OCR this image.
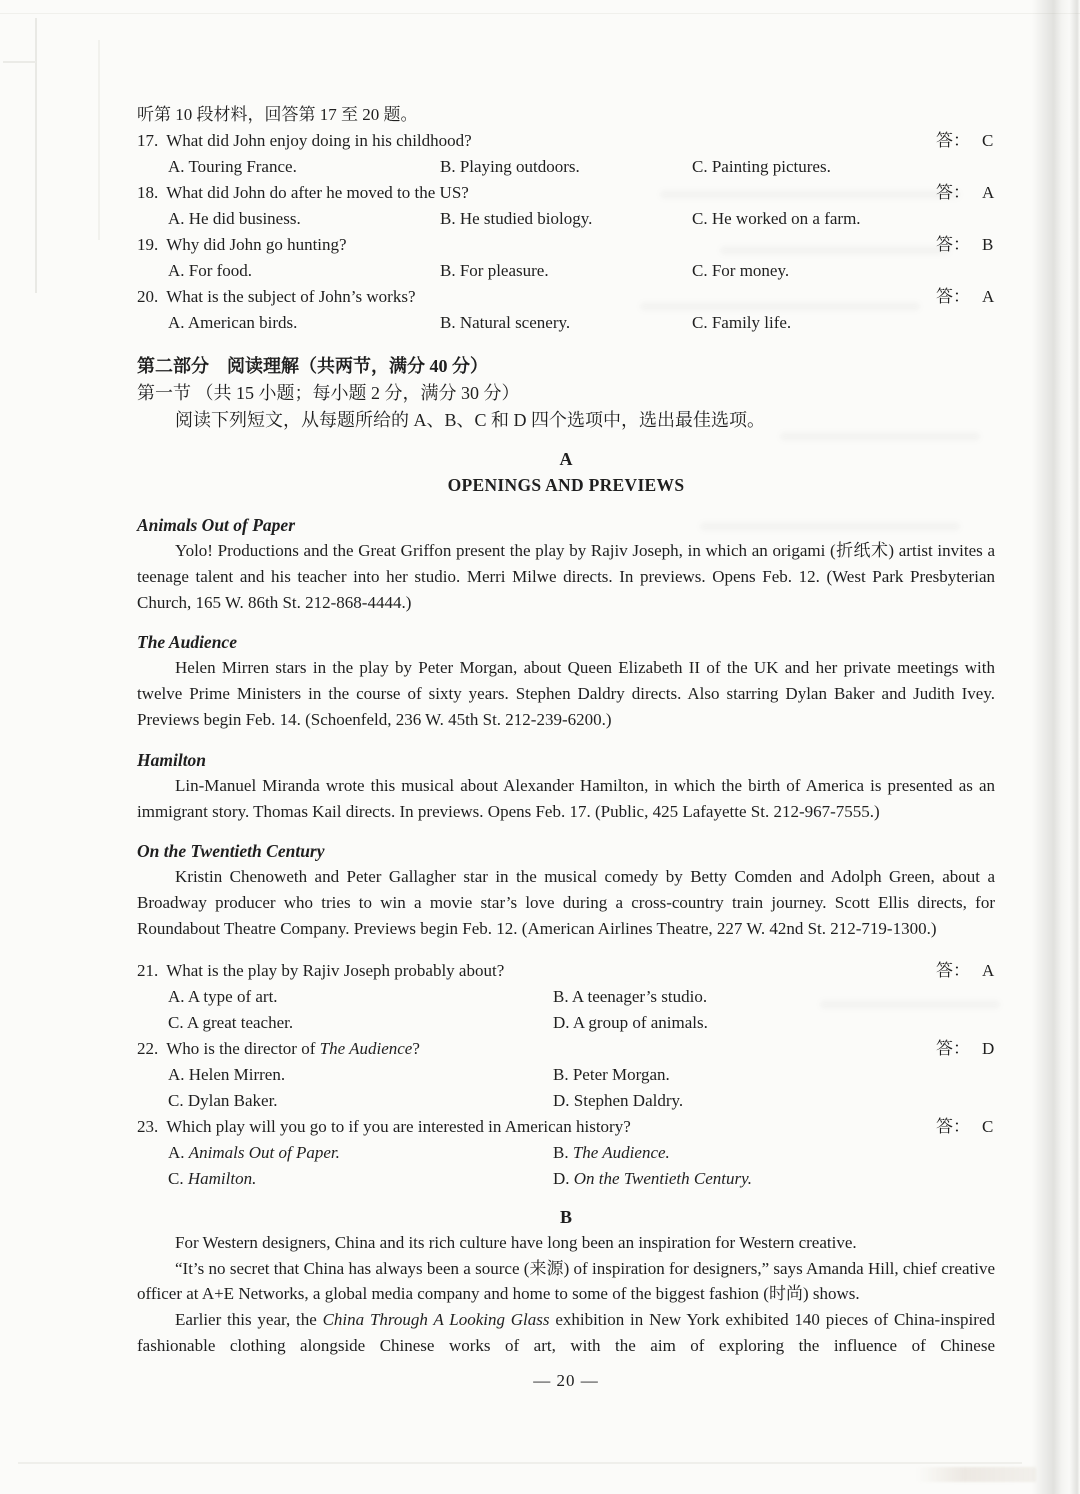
听第 10 段材料，回答第 17 至 20 题。
17. What did John enjoy doing in his childhood?	答： C
A. Touring France.	B. Playing outdoors.	C. Painting pictures.
18. What did John do after he moved to the US?	答： A
A. He did business.	B. He studied biology.	C. He worked on a farm.
19. Why did John go hunting?	答： B
A. For food.	B. For pleasure.	C. For money.
20. What is the subject of John’s works?	答： A
A. American birds.	B. Natural scenery.	C. Family life.
第二部分　阅读理解（共两节，满分 40 分）
第一节 （共 15 小题；每小题 2 分，满分 30 分）
阅读下列短文，从每题所给的 A、B、C 和 D 四个选项中，选出最佳选项。
A
OPENINGS AND PREVIEWS
Animals Out of Paper
Yolo! Productions and the Great Griffon present the play by Rajiv Joseph, in which an origami (折纸术) artist invites a teenage talent and his teacher into her studio. Merri Milwe directs. In previews. Opens Feb. 12. (West Park Presbyterian Church, 165 W. 86th St. 212-868-4444.)
The Audience
Helen Mirren stars in the play by Peter Morgan, about Queen Elizabeth II of the UK and her private meetings with twelve Prime Ministers in the course of sixty years. Stephen Daldry directs. Also starring Dylan Baker and Judith Ivey. Previews begin Feb. 14. (Schoenfeld, 236 W. 45th St. 212-239-6200.)
Hamilton
Lin-Manuel Miranda wrote this musical about Alexander Hamilton, in which the birth of America is presented as an immigrant story. Thomas Kail directs. In previews. Opens Feb. 17. (Public, 425 Lafayette St. 212-967-7555.)
On the Twentieth Century
Kristin Chenoweth and Peter Gallagher star in the musical comedy by Betty Comden and Adolph Green, about a Broadway producer who tries to win a movie star’s love during a cross-country train journey. Scott Ellis directs, for Roundabout Theatre Company. Previews begin Feb. 12. (American Airlines Theatre, 227 W. 42nd St. 212-719-1300.)
21. What is the play by Rajiv Joseph probably about?	答： A
A. A type of art.	B. A teenager’s studio.
C. A great teacher.	D. A group of animals.
22. Who is the director of The Audience?	答： D
A. Helen Mirren.	B. Peter Morgan.
C. Dylan Baker.	D. Stephen Daldry.
23. Which play will you go to if you are interested in American history?	答： C
A. Animals Out of Paper.	B. The Audience.
C. Hamilton.	D. On the Twentieth Century.
B
For Western designers, China and its rich culture have long been an inspiration for Western creative.
“It’s no secret that China has always been a source (来源) of inspiration for designers,” says Amanda Hill, chief creative officer at A+E Networks, a global media company and home to some of the biggest fashion (时尚) shows.
Earlier this year, the China Through A Looking Glass exhibition in New York exhibited 140 pieces of China-inspired fashionable clothing alongside Chinese works of art, with the aim of exploring the influence of Chinese
— 20 —
